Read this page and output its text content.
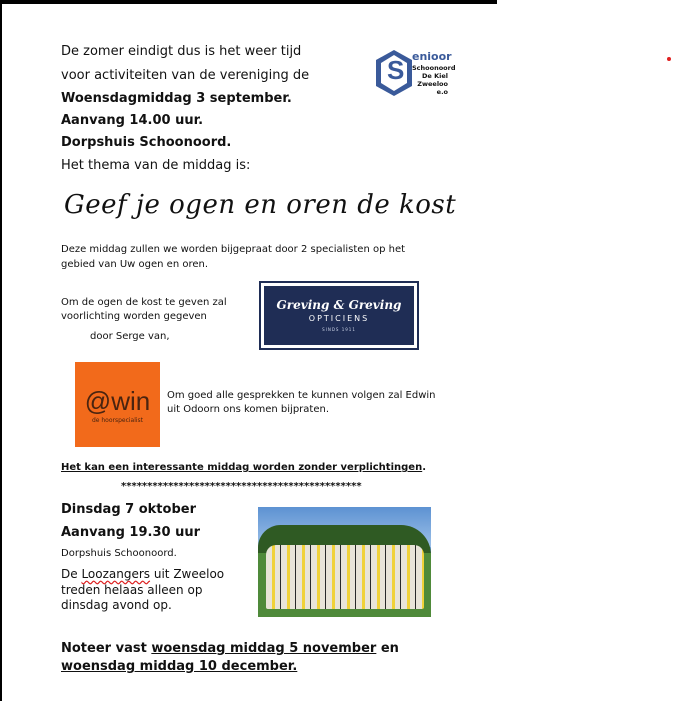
De zomer eindigt dus is het weer tijd
voor activiteiten van de vereniging de
Woensdagmiddag 3 september.
Aanvang 14.00 uur.
Dorpshuis Schoonoord.
Het thema van de middag is:
S enioor
Schoonoord
De Kiel
Zweeloo e.o
Geef je ogen en oren de kost
Deze middag zullen we worden bijgepraat door 2 specialisten op het
gebied van Uw ogen en oren.
Om de ogen de kost te geven zal
voorlichting worden gegeven
door Serge van,
Greving & Greving
OPTICIENS
SINDS 1911
@win
de hoorspecialist
Om goed alle gesprekken te kunnen volgen zal Edwin
uit Odoorn ons komen bijpraten.
Het kan een interessante middag worden zonder verplichtingen.
**********************************************
Dinsdag 7 oktober
Aanvang 19.30 uur
Dorpshuis Schoonoord.
De Loozangers uit Zweeloo
treden helaas alleen op
dinsdag avond op.
Noteer vast woensdag middag 5 november en
woensdag middag 10 december.
